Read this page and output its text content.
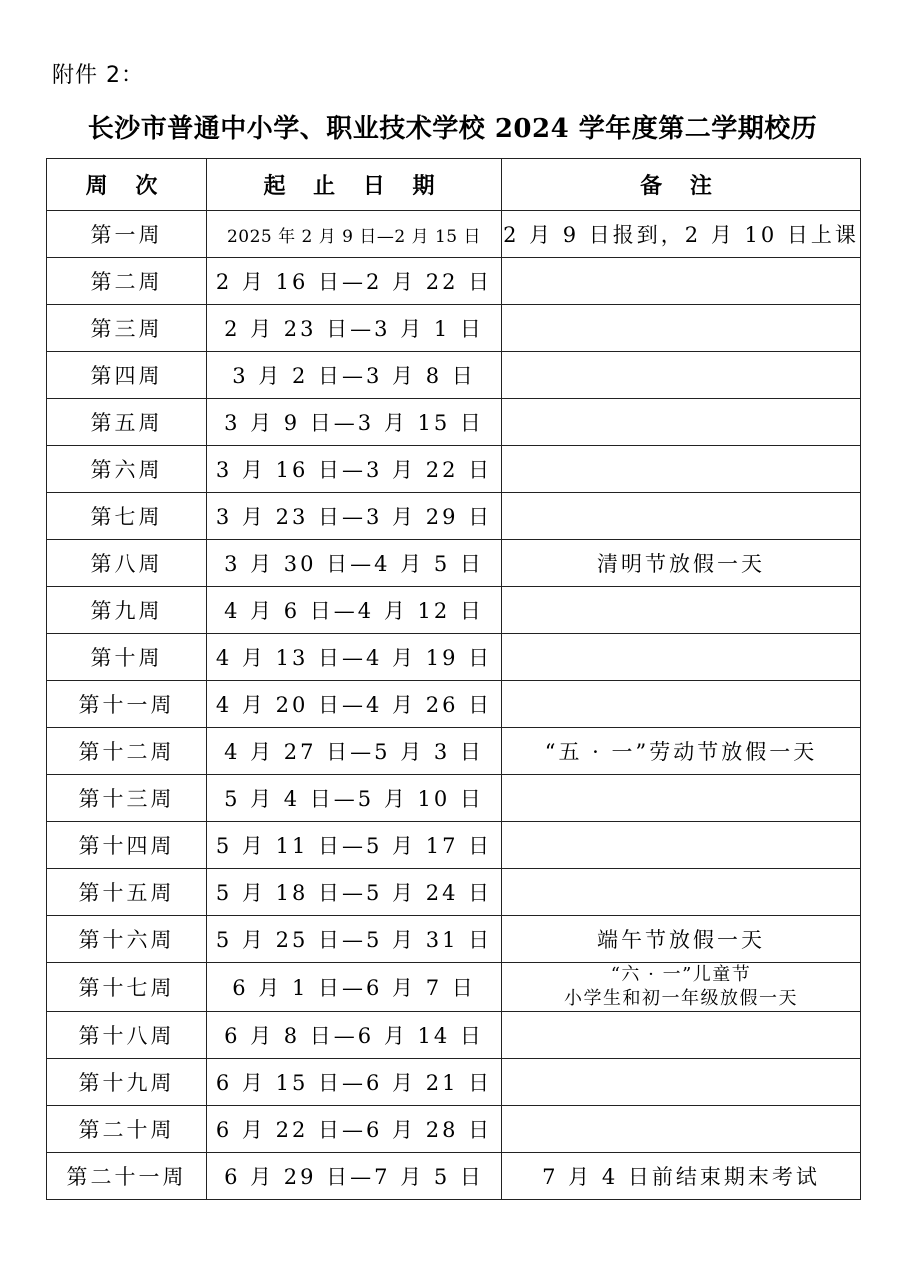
附件 2：
长沙市普通中小学、职业技术学校 2024 学年度第二学期校历
周 次	起 止 日 期	备 注
第一周	2025 年 2 月 9 日—2 月 15 日	2 月 9 日报到，2 月 10 日上课

第二周	2 月 16 日—2 月 22 日	
第三周	2 月 23 日—3 月 1 日	
第四周	3 月 2 日—3 月 8 日	
第五周	3 月 9 日—3 月 15 日	
第六周	3 月 16 日—3 月 22 日	
第七周	3 月 23 日—3 月 29 日	
第八周	3 月 30 日—4 月 5 日	清明节放假一天

第九周	4 月 6 日—4 月 12 日	
第十周	4 月 13 日—4 月 19 日	
第十一周	4 月 20 日—4 月 26 日	
第十二周	4 月 27 日—5 月 3 日	“五 · 一”劳动节放假一天

第十三周	5 月 4 日—5 月 10 日	
第十四周	5 月 11 日—5 月 17 日	
第十五周	5 月 18 日—5 月 24 日	
第十六周	5 月 25 日—5 月 31 日	端午节放假一天

第十七周	6 月 1 日—6 月 7 日	“六 · 一”儿童节
小学生和初一年级放假一天

第十八周	6 月 8 日—6 月 14 日	
第十九周	6 月 15 日—6 月 21 日	
第二十周	6 月 22 日—6 月 28 日	
第二十一周	6 月 29 日—7 月 5 日	7 月 4 日前结束期末考试
